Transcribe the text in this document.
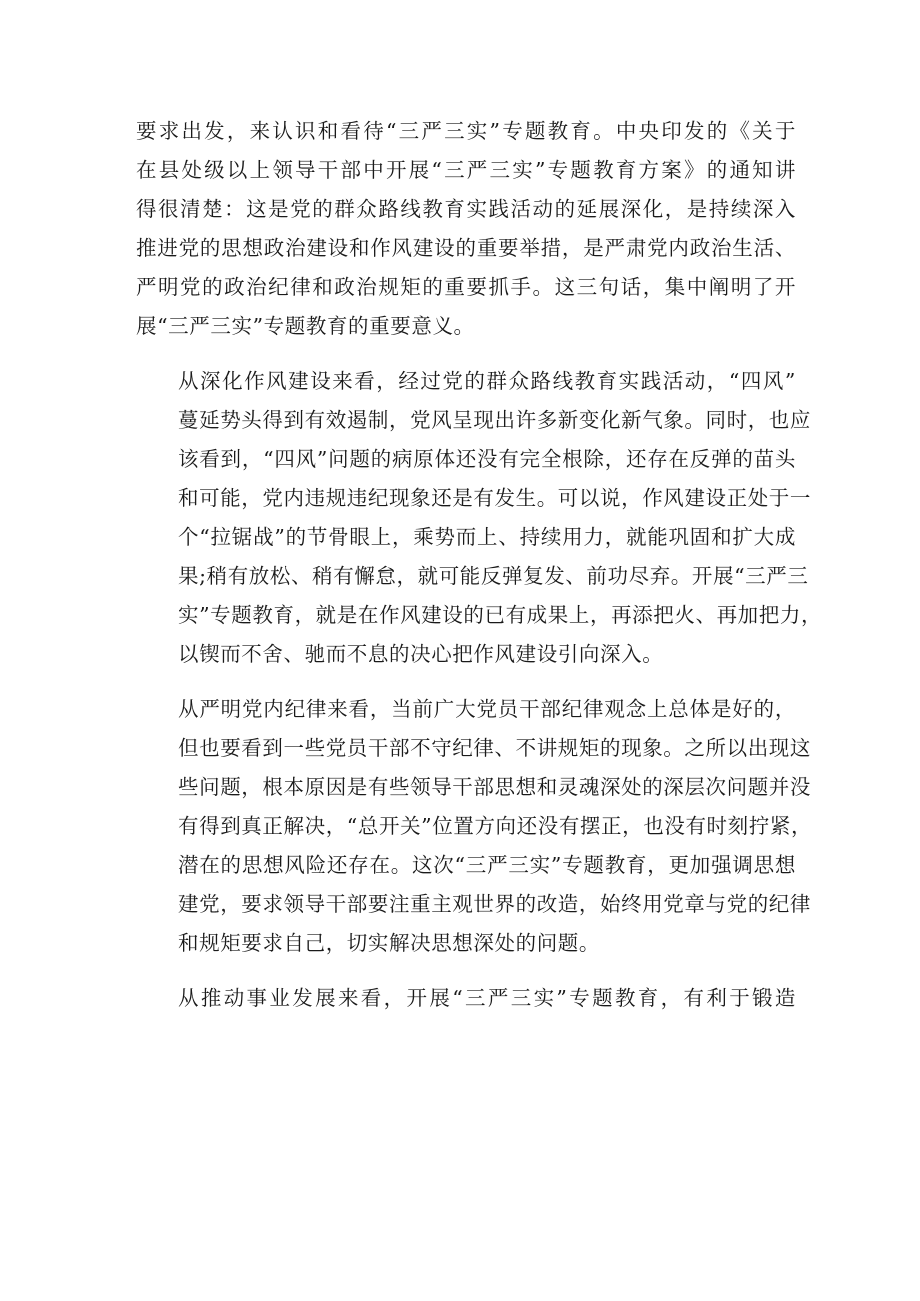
要求出发，来认识和看待“三严三实”专题教育。中央印发的《关于
在县处级以上领导干部中开展“三严三实”专题教育方案》的通知讲
得很清楚：这是党的群众路线教育实践活动的延展深化，是持续深入
推进党的思想政治建设和作风建设的重要举措，是严肃党内政治生活、
严明党的政治纪律和政治规矩的重要抓手。这三句话，集中阐明了开
展“三严三实”专题教育的重要意义。

从深化作风建设来看，经过党的群众路线教育实践活动，“四风”
蔓延势头得到有效遏制，党风呈现出许多新变化新气象。同时，也应
该看到，“四风”问题的病原体还没有完全根除，还存在反弹的苗头
和可能，党内违规违纪现象还是有发生。可以说，作风建设正处于一
个“拉锯战”的节骨眼上，乘势而上、持续用力，就能巩固和扩大成
果;稍有放松、稍有懈怠，就可能反弹复发、前功尽弃。开展“三严三
实”专题教育，就是在作风建设的已有成果上，再添把火、再加把力，
以锲而不舍、驰而不息的决心把作风建设引向深入。

从严明党内纪律来看，当前广大党员干部纪律观念上总体是好的，
但也要看到一些党员干部不守纪律、不讲规矩的现象。之所以出现这
些问题，根本原因是有些领导干部思想和灵魂深处的深层次问题并没
有得到真正解决，“总开关”位置方向还没有摆正，也没有时刻拧紧，
潜在的思想风险还存在。这次“三严三实”专题教育，更加强调思想
建党，要求领导干部要注重主观世界的改造，始终用党章与党的纪律
和规矩要求自己，切实解决思想深处的问题。

从推动事业发展来看，开展“三严三实”专题教育，有利于锻造
